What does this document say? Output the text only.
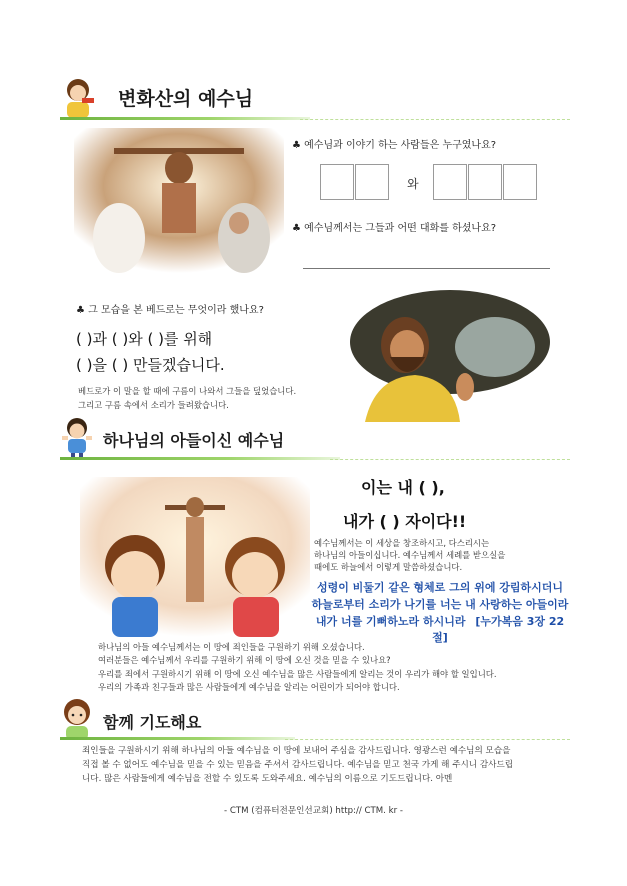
변화산의 예수님
♣ 예수님과 이야기 하는 사람들은 누구였나요?
와
♣ 예수님께서는 그들과 어떤 대화를 하셨나요?
♣ 그 모습을 본 베드로는 무엇이라 했나요?
( )과 ( )와 ( )를 위해
( )을 ( ) 만들겠습니다.
베드로가 이 말을 할 때에 구름이 나와서 그들을 덮었습니다.
그리고 구름 속에서 소리가 들려왔습니다.
하나님의 아들이신 예수님
이는 내 ( ),
내가 ( ) 자이다!!
예수님께서는 이 세상을 창조하시고, 다스리시는
하나님의 아들이십니다. 예수님께서 세례를 받으실을
때에도 하늘에서 이렇게 말씀하셨습니다.
성령이 비둘기 같은 형체로 그의 위에 강림하시더니
하늘로부터 소리가 나기를 너는 내 사랑하는 아들이라
내가 너를 기뻐하노라 하시니라 [누가복음 3장 22절]
하나님의 아들 예수님께서는 이 땅에 죄인들을 구원하기 위해 오셨습니다.
여러분들은 예수님께서 우리를 구원하기 위해 이 땅에 오신 것을 믿을 수 있나요?
우리를 죄에서 구원하시기 위해 이 땅에 오신 예수님을 많은 사람들에게 알리는 것이 우리가 해야 할 일입니다.
우리의 가족과 친구들과 많은 사람들에게 예수님을 알리는 어린이가 되어야 합니다.
함께 기도해요
죄인들을 구원하시기 위해 하나님의 아들 예수님을 이 땅에 보내어 주심을 감사드립니다. 영광스런 예수님의 모습을
직접 볼 수 없어도 예수님을 믿을 수 있는 믿음을 주셔서 감사드립니다. 예수님을 믿고 천국 가게 해 주시니 감사드립
니다. 많은 사람들에게 예수님을 전할 수 있도록 도와주세요. 예수님의 이름으로 기도드립니다. 아멘
- CTM (컴퓨터전문인선교회) http:// CTM. kr -
